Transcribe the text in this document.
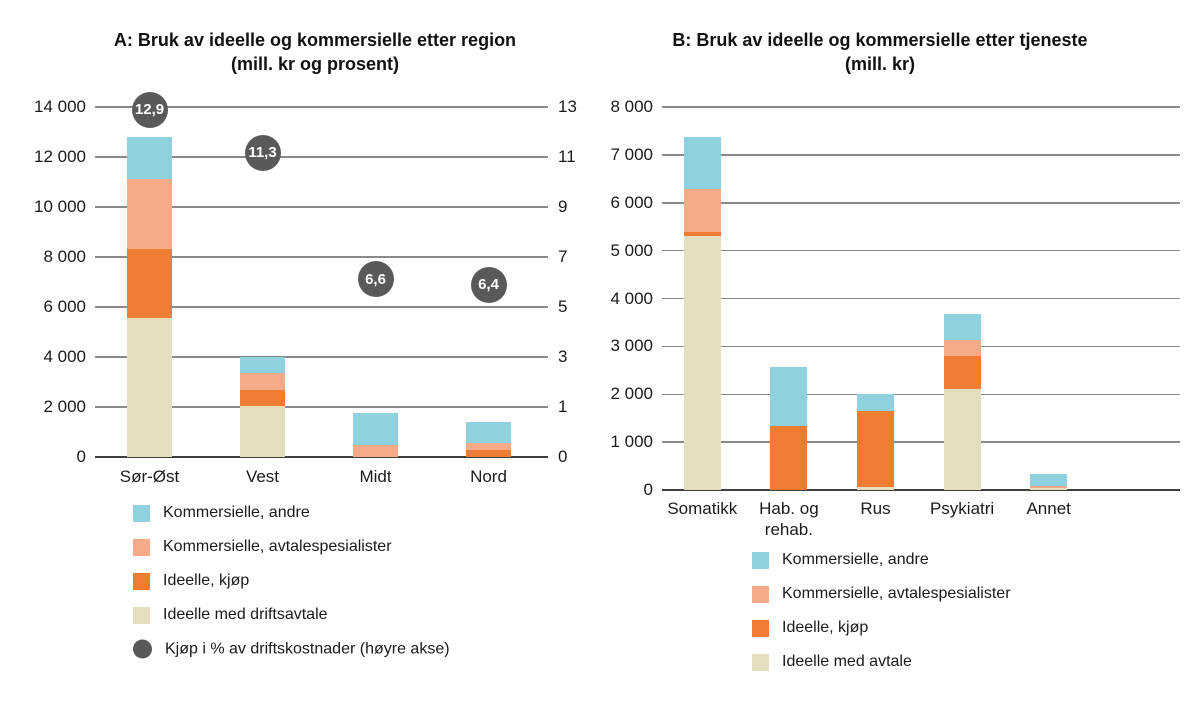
A: Bruk av ideelle og kommersielle etter region
(mill. kr og prosent)
B: Bruk av ideelle og kommersielle etter tjeneste
(mill. kr)
0	0
2 000	1
4 000	3
6 000	5
8 000	7
10 000	9
12 000	11
14 000	13
Sør-Øst	Vest	Midt	Nord
12,9
11,3
6,6	6,4
0
1 000
2 000
3 000
4 000
5 000
6 000
7 000
8 000
Somatikk	Hab. og rehab.
Rus	Psykiatri	Annet
Kommersielle, andre
Kommersielle, avtalespesialister
Ideelle, kjøp
Ideelle med driftsavtale
Kjøp i % av driftskostnader (høyre akse)
Kommersielle, andre
Kommersielle, avtalespesialister
Ideelle, kjøp
Ideelle med avtale
